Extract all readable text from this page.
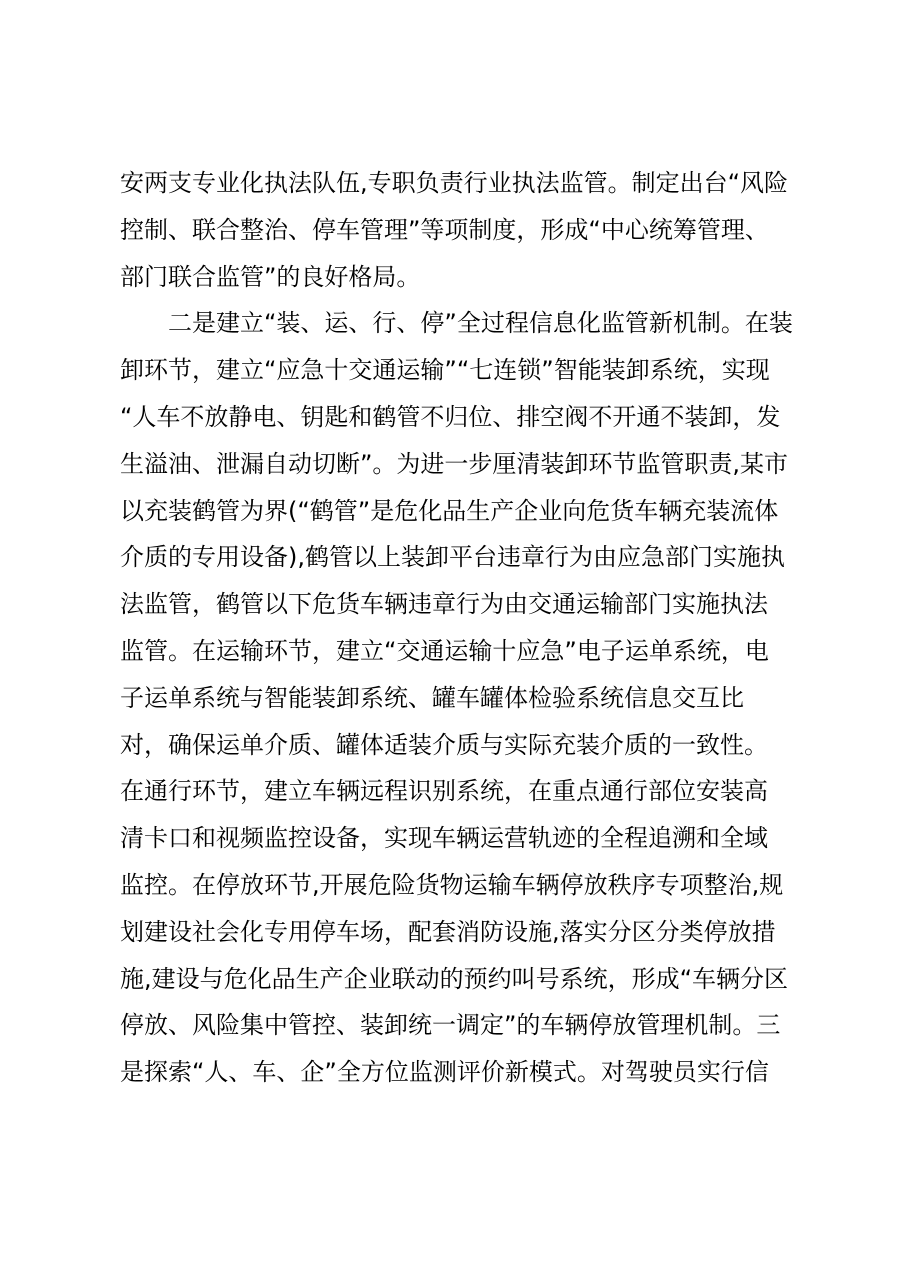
安两支专业化执法队伍,专职负责行业执法监管。制定出台“风险
控制、联合整治、停车管理”等项制度，形成“中心统筹管理、
部门联合监管”的良好格局。
　　二是建立“装、运、行、停”全过程信息化监管新机制。在装
卸环节，建立“应急十交通运输”“七连锁”智能装卸系统，实现
“人车不放静电、钥匙和鹤管不归位、排空阀不开通不装卸，发
生溢油、泄漏自动切断”。为进一步厘清装卸环节监管职责,某市
以充装鹤管为界(“鹤管”是危化品生产企业向危货车辆充装流体
介质的专用设备),鹤管以上装卸平台违章行为由应急部门实施执
法监管，鹤管以下危货车辆违章行为由交通运输部门实施执法
监管。在运输环节，建立“交通运输十应急”电子运单系统，电
子运单系统与智能装卸系统、罐车罐体检验系统信息交互比
对，确保运单介质、罐体适装介质与实际充装介质的一致性。
在通行环节，建立车辆远程识别系统，在重点通行部位安装高
清卡口和视频监控设备，实现车辆运营轨迹的全程追溯和全域
监控。在停放环节,开展危险货物运输车辆停放秩序专项整治,规
划建设社会化专用停车场，配套消防设施,落实分区分类停放措
施,建设与危化品生产企业联动的预约叫号系统，形成“车辆分区
停放、风险集中管控、装卸统一调定”的车辆停放管理机制。三
是探索“人、车、企”全方位监测评价新模式。对驾驶员实行信
